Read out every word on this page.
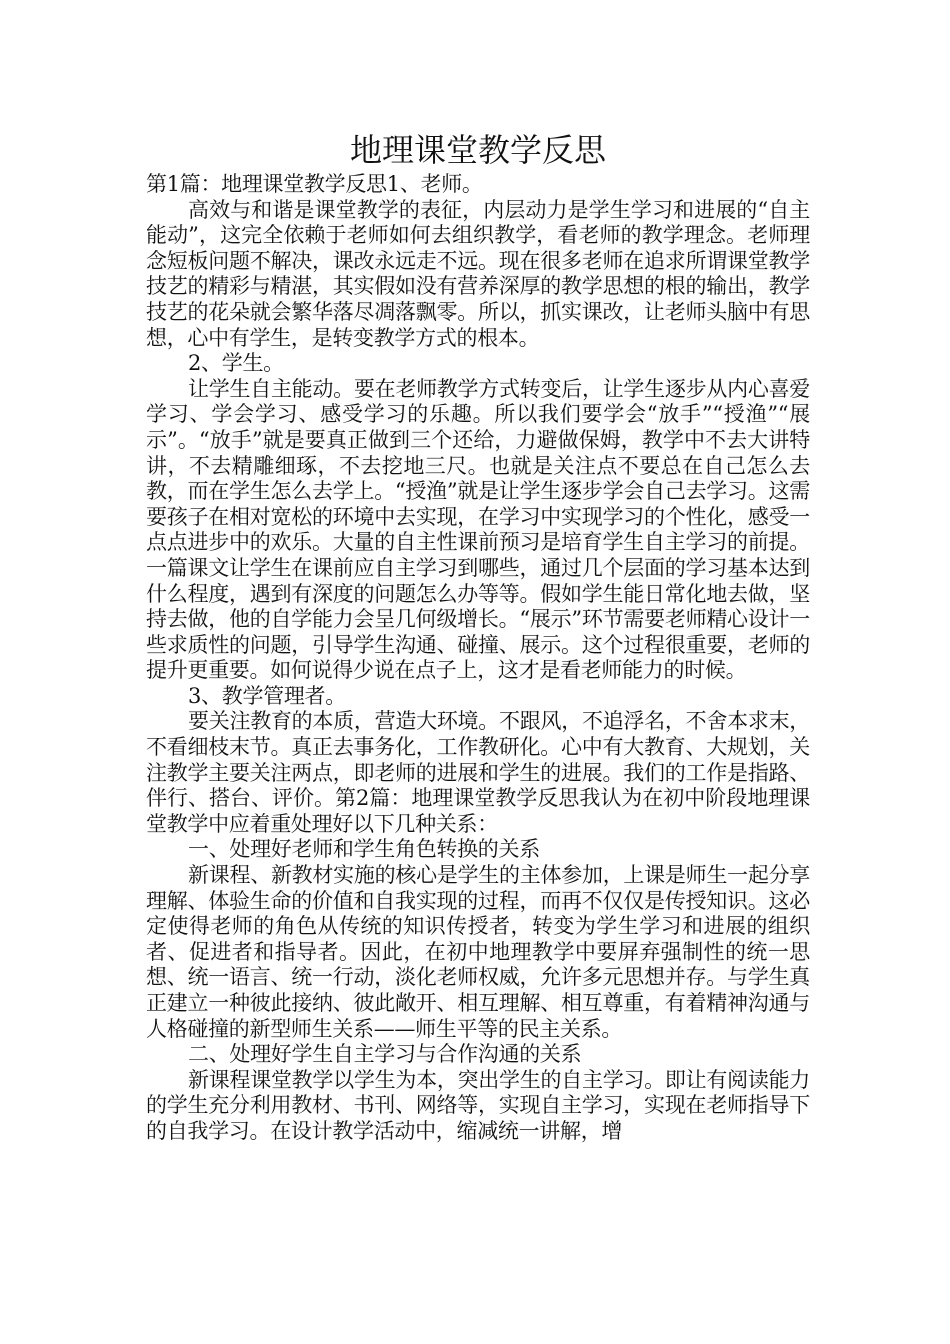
地理课堂教学反思

第1篇：地理课堂教学反思1、老师。

高效与和谐是课堂教学的表征，内层动力是学生学习和进展的“自主能动”，这完全依赖于老师如何去组织教学，看老师的教学理念。老师理念短板问题不解决，课改永远走不远。现在很多老师在追求所谓课堂教学技艺的精彩与精湛，其实假如没有营养深厚的教学思想的根的输出，教学技艺的花朵就会繁华落尽凋落飘零。所以，抓实课改，让老师头脑中有思想，心中有学生，是转变教学方式的根本。

2、学生。

让学生自主能动。要在老师教学方式转变后，让学生逐步从内心喜爱学习、学会学习、感受学习的乐趣。所以我们要学会“放手”“授渔”“展示”。“放手”就是要真正做到三个还给，力避做保姆，教学中不去大讲特讲，不去精雕细琢，不去挖地三尺。也就是关注点不要总在自己怎么去教，而在学生怎么去学上。“授渔”就是让学生逐步学会自己去学习。这需要孩子在相对宽松的环境中去实现，在学习中实现学习的个性化，感受一点点进步中的欢乐。大量的自主性课前预习是培育学生自主学习的前提。一篇课文让学生在课前应自主学习到哪些，通过几个层面的学习基本达到什么程度，遇到有深度的问题怎么办等等。假如学生能日常化地去做，坚持去做，他的自学能力会呈几何级增长。“展示”环节需要老师精心设计一些求质性的问题，引导学生沟通、碰撞、展示。这个过程很重要，老师的提升更重要。如何说得少说在点子上，这才是看老师能力的时候。

3、教学管理者。

要关注教育的本质，营造大环境。不跟风，不追浮名，不舍本求末，不看细枝末节。真正去事务化，工作教研化。心中有大教育、大规划，关注教学主要关注两点，即老师的进展和学生的进展。我们的工作是指路、伴行、搭台、评价。第2篇：地理课堂教学反思我认为在初中阶段地理课堂教学中应着重处理好以下几种关系：

一、处理好老师和学生角色转换的关系

新课程、新教材实施的核心是学生的主体参加，上课是师生一起分享理解、体验生命的价值和自我实现的过程，而再不仅仅是传授知识。这必定使得老师的角色从传统的知识传授者，转变为学生学习和进展的组织者、促进者和指导者。因此，在初中地理教学中要屏弃强制性的统一思想、统一语言、统一行动，淡化老师权威，允许多元思想并存。与学生真正建立一种彼此接纳、彼此敞开、相互理解、相互尊重，有着精神沟通与人格碰撞的新型师生关系——师生平等的民主关系。

二、处理好学生自主学习与合作沟通的关系

新课程课堂教学以学生为本，突出学生的自主学习。即让有阅读能力的学生充分利用教材、书刊、网络等，实现自主学习，实现在老师指导下的自我学习。在设计教学活动中，缩减统一讲解，增
